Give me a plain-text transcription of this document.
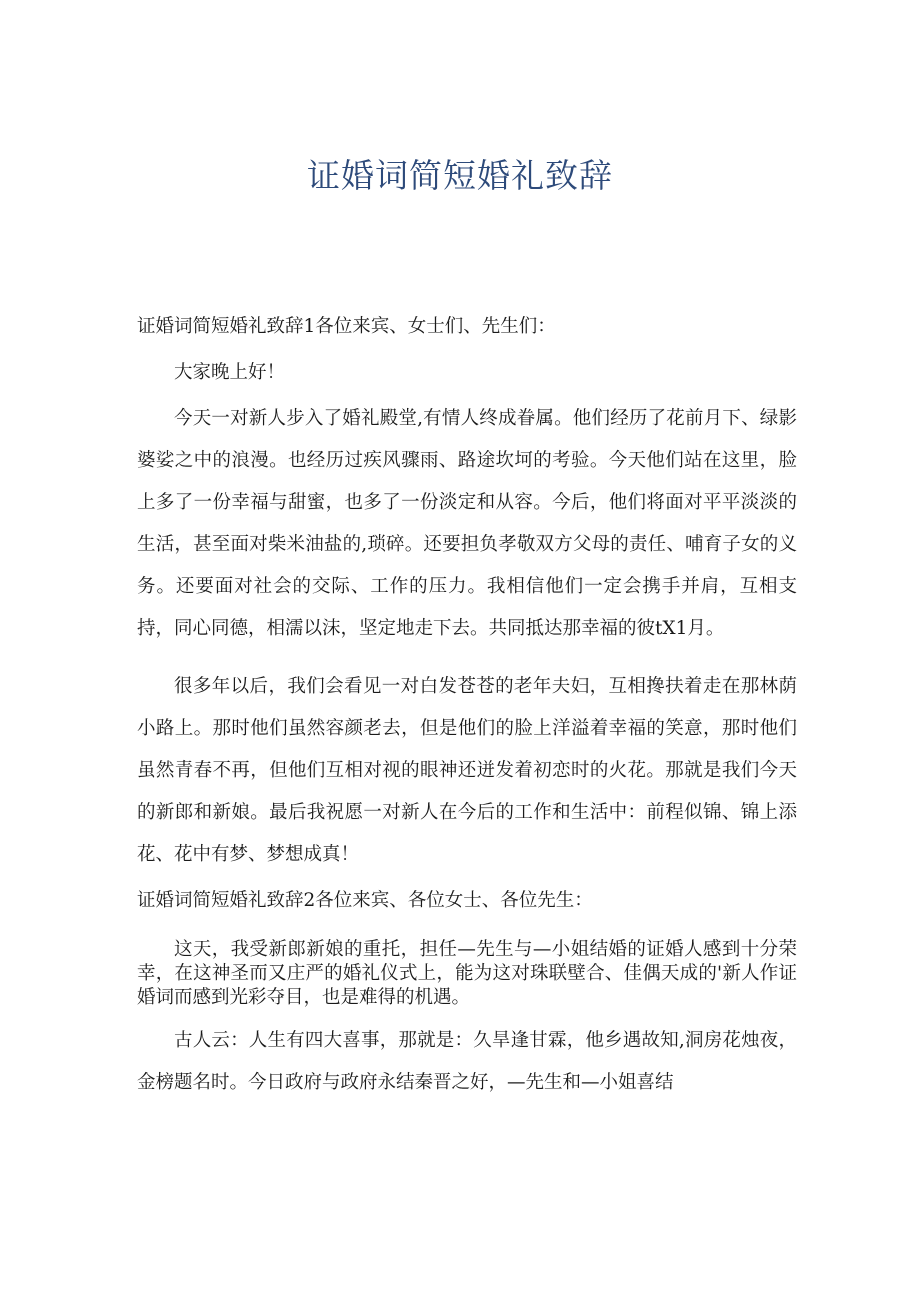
证婚词简短婚礼致辞

证婚词简短婚礼致辞1各位来宾、女士们、先生们：

大家晚上好！

今天一对新人步入了婚礼殿堂,有情人终成眷属。他们经历了花前月下、绿影婆娑之中的浪漫。也经历过疾风骤雨、路途坎坷的考验。今天他们站在这里，脸上多了一份幸福与甜蜜，也多了一份淡定和从容。今后，他们将面对平平淡淡的生活，甚至面对柴米油盐的,琐碎。还要担负孝敬双方父母的责任、哺育子女的义务。还要面对社会的交际、工作的压力。我相信他们一定会携手并肩，互相支持，同心同德，相濡以沫，坚定地走下去。共同抵达那幸福的彼tX1月。

很多年以后，我们会看见一对白发苍苍的老年夫妇，互相搀扶着走在那林荫小路上。那时他们虽然容颜老去，但是他们的脸上洋溢着幸福的笑意，那时他们虽然青春不再，但他们互相对视的眼神还迸发着初恋时的火花。那就是我们今天的新郎和新娘。最后我祝愿一对新人在今后的工作和生活中：前程似锦、锦上添花、花中有梦、梦想成真！

证婚词简短婚礼致辞2各位来宾、各位女士、各位先生：

这天，我受新郎新娘的重托，担任—先生与—小姐结婚的证婚人感到十分荣幸，在这神圣而又庄严的婚礼仪式上，能为这对珠联壁合、佳偶天成的'新人作证婚词而感到光彩夺目，也是难得的机遇。

古人云：人生有四大喜事，那就是：久旱逢甘霖，他乡遇故知,洞房花烛夜，金榜题名时。今日政府与政府永结秦晋之好，—先生和—小姐喜结
